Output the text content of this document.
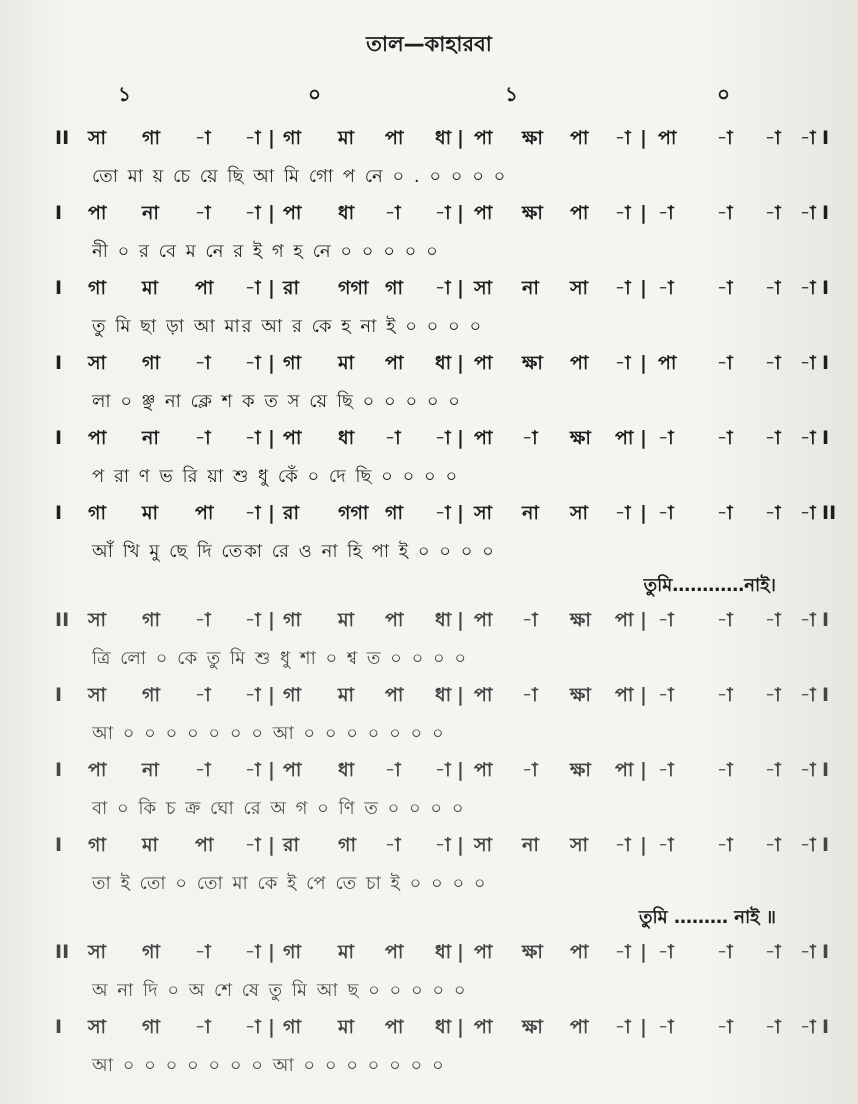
তাল—কাহারবা
১	০	১	০
II সা গা -া -া | গা মা পা ধা | পা ক্ষা পা -া | পা -া -া -া I
তো মা য় চে য়ে ছি আ মি গো প নে ০ . ০ ০ ০ ০
I পা না -া -া | পা ধা -া -া | পা ক্ষা পা -া | -া -া -া -া I
নী ০ র বে ম নে র ই গ হ নে ০ ০ ০ ০ ০
I গা মা পা -া | রা গগা গা -া | সা না সা -া | -া -া -া -া I
তু মি ছা ড়া আ মার আ র কে হ না ই ০ ০ ০ ০
I সা গা -া -া | গা মা পা ধা | পা ক্ষা পা -া | পা -া -া -া I
লা ০ ঞ্ছ না ক্লে শ ক ত স য়ে ছি ০ ০ ০ ০ ০
I পা না -া -া | পা ধা -া -া | পা -া ক্ষা পা | -া -া -া -া I
প রা ণ ভ রি য়া শু ধু কেঁ ০ দে ছি ০ ০ ০ ০
I গা মা পা -া | রা গগা গা -া | সা না সা -া | -া -া -া -া II
আঁ খি মু ছে দি তেকা রে ও না হি পা ই ০ ০ ০ ০
তুমি…………নাই।
II সা গা -া -া | গা মা পা ধা | পা -া ক্ষা পা | -া -া -া -া I
ত্রি লো ০ কে তু মি শু ধু শা ০ শ্ব ত ০ ০ ০ ০
I সা গা -া -া | গা মা পা ধা | পা -া ক্ষা পা | -া -া -া -া I
আ ০ ০ ০ ০ ০ ০ ০ আ ০ ০ ০ ০ ০ ০ ০
I পা না -া -া | পা ধা -া -া | পা -া ক্ষা পা | -া -া -া -া I
বা ০ কি চ ক্র ঘো রে অ গ ০ ণি ত ০ ০ ০ ০
I গা মা পা -া | রা গা -া -া | সা না সা -া | -া -া -া -া I
তা ই তো ০ তো মা কে ই পে তে চা ই ০ ০ ০ ০
তুমি ……… নাই ॥
II সা গা -া -া | গা মা পা ধা | পা ক্ষা পা -া | -া -া -া -া I
অ না দি ০ অ শে ষে তু মি আ ছ ০ ০ ০ ০ ০
I সা গা -া -া | গা মা পা ধা | পা ক্ষা পা -া | -া -া -া -া I
আ ০ ০ ০ ০ ০ ০ ০ আ ০ ০ ০ ০ ০ ০ ০
